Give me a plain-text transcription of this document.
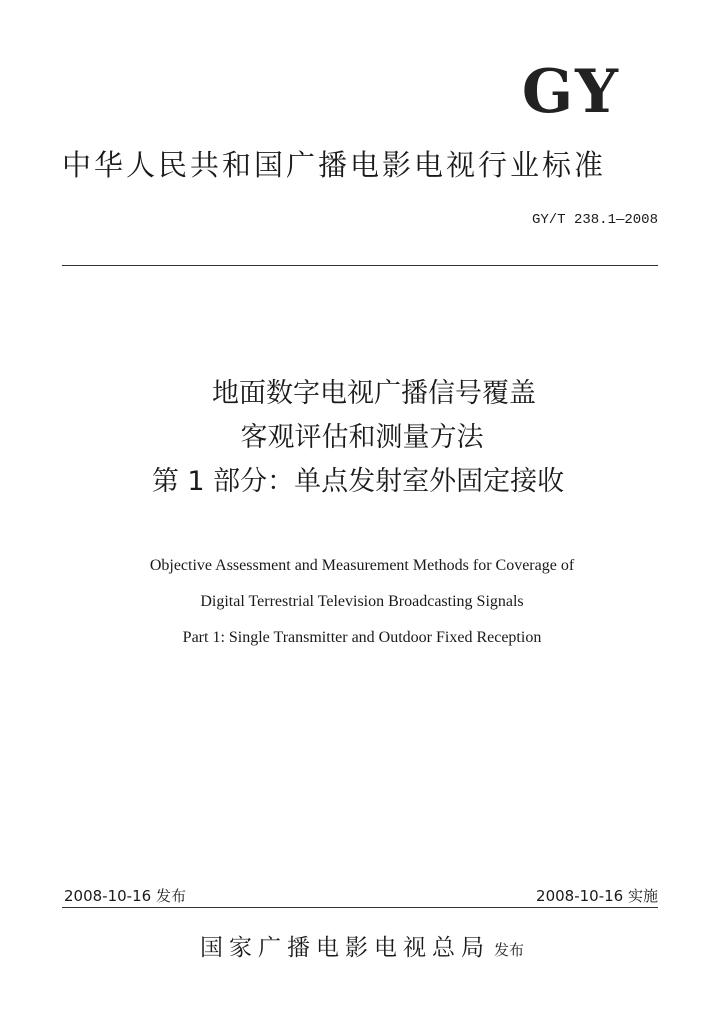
GY
中华人民共和国广播电影电视行业标准
GY/T 238.1—2008
地面数字电视广播信号覆盖
客观评估和测量方法
第 1 部分：单点发射室外固定接收
Objective Assessment and Measurement Methods for Coverage of
Digital Terrestrial Television Broadcasting Signals
Part 1: Single Transmitter and Outdoor Fixed Reception
2008-10-16 发布	2008-10-16 实施
国家广播电影电视总局 发布
